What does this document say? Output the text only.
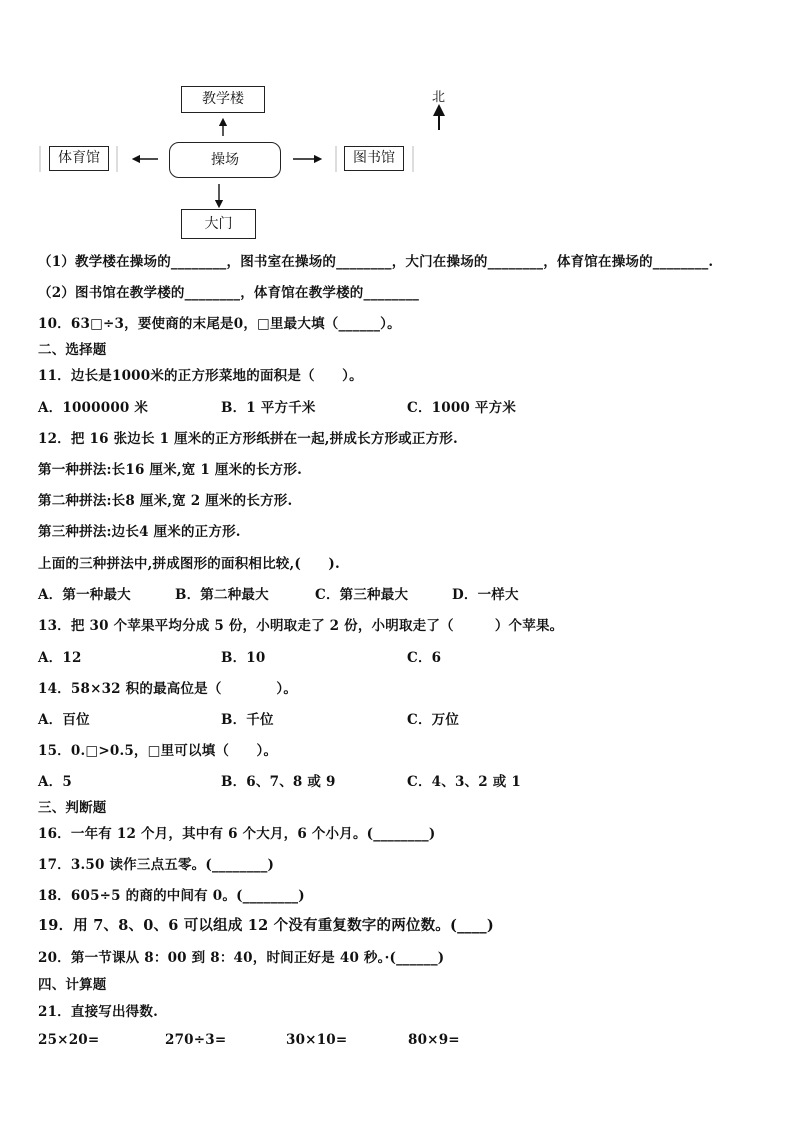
教学楼
操场
体育馆	图书馆
大门
北
（1）教学楼在操场的________，图书室在操场的________，大门在操场的________，体育馆在操场的________.
（2）图书馆在教学楼的________，体育馆在教学楼的________
10．63□÷3，要使商的末尾是0，□里最大填（______）。
二、选择题
11．边长是1000米的正方形菜地的面积是（　　）。
A．1000000 米	B．1 平方千米	C．1000 平方米
12．把 16 张边长 1 厘米的正方形纸拼在一起,拼成长方形或正方形.
第一种拼法:长16 厘米,宽 1 厘米的长方形.
第二种拼法:长8 厘米,宽 2 厘米的长方形.
第三种拼法:边长4 厘米的正方形.
上面的三种拼法中,拼成图形的面积相比较,(　　).
A．第一种最大	B．第二种最大	C．第三种最大	D．一样大
13．把 30 个苹果平均分成 5 份，小明取走了 2 份，小明取走了（　　　）个苹果。
A．12	B．10	C．6
14．58×32 积的最高位是（　　　　）。
A．百位	B．千位	C．万位
15．0.□>0.5，□里可以填（　　）。
A．5	B．6、7、8 或 9	C．4、3、2 或 1
三、判断题
16．一年有 12 个月，其中有 6 个大月，6 个小月。(________)
17．3.50 读作三点五零。(________)
18．605÷5 的商的中间有 0。(________)
19．用 7、8、0、6 可以组成 12 个没有重复数字的两位数。(____)
20．第一节课从 8：00 到 8：40，时间正好是 40 秒。·(______)
四、计算题
21．直接写出得数.
25×20=	270÷3=	30×10=	80×9=
